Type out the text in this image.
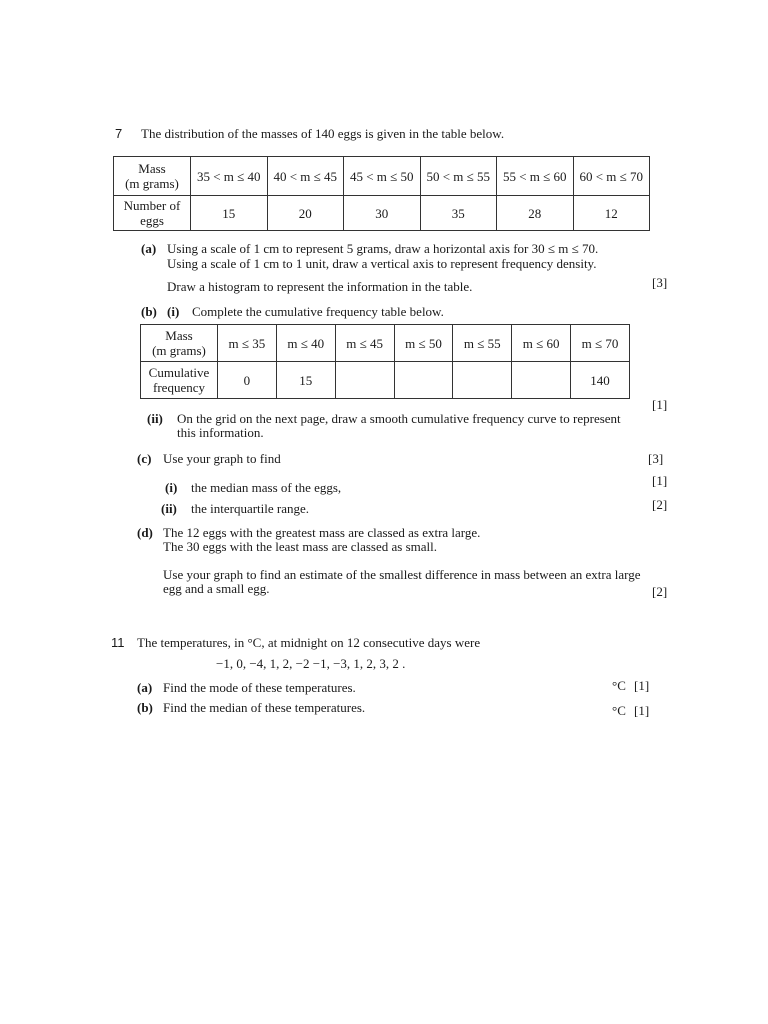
7 The distribution of the masses of 140 eggs is given in the table below.
Mass
(m grams)	35 < m ≤ 40	40 < m ≤ 45	45 < m ≤ 50	50 < m ≤ 55	55 < m ≤ 60	60 < m ≤ 70

Number of
eggs	15	20	30	35	28	12
(a) Using a scale of 1 cm to represent 5 grams, draw a horizontal axis for 30 ≤ m ≤ 70.
Using a scale of 1 cm to 1 unit, draw a vertical axis to represent frequency density.
Draw a histogram to represent the information in the table.	[3]
(b) (i) Complete the cumulative frequency table below.
Mass
(m grams)	m ≤ 35	m ≤ 40	m ≤ 45	m ≤ 50	m ≤ 55	m ≤ 60	m ≤ 70

Cumulative
frequency	0	15					140
[1]
(ii) On the grid on the next page, draw a smooth cumulative frequency curve to represent
this information.
(c) Use your graph to find	[3]
(i) the median mass of the eggs,	[1]
(ii) the interquartile range.	[2]
(d) The 12 eggs with the greatest mass are classed as extra large.
The 30 eggs with the least mass are classed as small.
Use your graph to find an estimate of the smallest difference in mass between an extra large
egg and a small egg.	[2]
11 The temperatures, in °C, at midnight on 12 consecutive days were
−1, 0, −4, 1, 2, −2 −1, −3, 1, 2, 3, 2 .
(a) Find the mode of these temperatures.	°C [1]
(b) Find the median of these temperatures.	°C [1]
